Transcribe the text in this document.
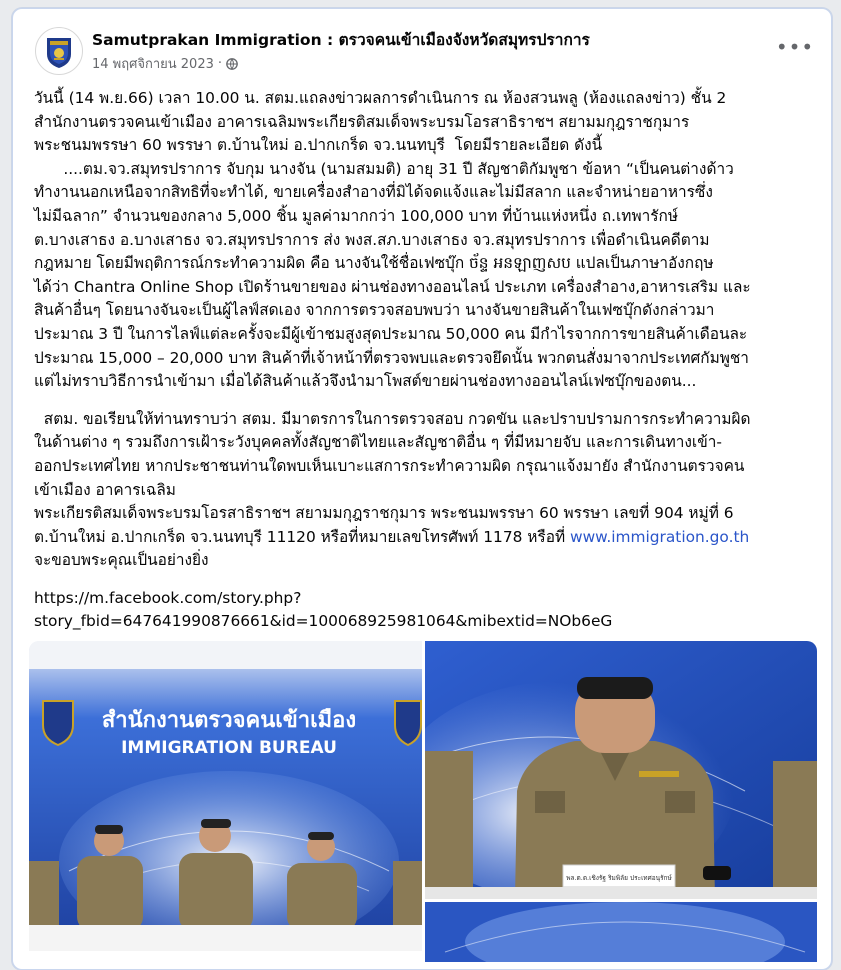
Samutprakan Immigration : ตรวจคนเข้าเมืองจังหวัดสมุทรปราการ
14 พฤศจิกายน 2023 ·
•••

วันนี้ (14 พ.ย.66) เวลา 10.00 น. สตม.แถลงข่าวผลการดำเนินการ ณ ห้องสวนพลู (ห้องแถลงข่าว) ชั้น 2
สำนักงานตรวจคนเข้าเมือง อาคารเฉลิมพระเกียรติสมเด็จพระบรมโอรสาธิราชฯ สยามมกุฎราชกุมาร
พระชนมพรรษา 60 พรรษา ต.บ้านใหม่ อ.ปากเกร็ด จว.นนทบุรี  โดยมีรายละเอียด ดังนี้
....ตม.จว.สมุทรปราการ จับกุม นางจัน (นามสมมติ) อายุ 31 ปี สัญชาติกัมพูชา ข้อหา “เป็นคนต่างด้าว
ทำงานนอกเหนือจากสิทธิที่จะทำได้, ขายเครื่องสำอางที่มิได้จดแจ้งและไม่มีสลาก และจำหน่ายอาหารซึ่ง
ไม่มีฉลาก” จำนวนของกลาง 5,000 ชิ้น มูลค่ามากกว่า 100,000 บาท ที่บ้านแห่งหนึ่ง ถ.เทพารักษ์
ต.บางเสาธง อ.บางเสาธง จว.สมุทรปราการ ส่ง พงส.สภ.บางเสาธง จว.สมุทรปราการ เพื่อดำเนินคดีตาม
กฎหมาย โดยมีพฤติการณ์กระทำความผิด คือ นางจันใช้ชื่อเฟซบุ๊ก ច័ន្ទ អនឡាញសប แปลเป็นภาษาอังกฤษ
ได้ว่า Chantra Online Shop เปิดร้านขายของ ผ่านช่องทางออนไลน์ ประเภท เครื่องสำอาง,อาหารเสริม และ
สินค้าอื่นๆ โดยนางจันจะเป็นผู้ไลฟ์สดเอง จากการตรวจสอบพบว่า นางจันขายสินค้าในเฟซบุ๊กดังกล่าวมา
ประมาณ 3 ปี ในการไลฟ์แต่ละครั้งจะมีผู้เข้าชมสูงสุดประมาณ 50,000 คน มีกำไรจากการขายสินค้าเดือนละ
ประมาณ 15,000 – 20,000 บาท สินค้าที่เจ้าหน้าที่ตรวจพบและตรวจยึดนั้น พวกตนสั่งมาจากประเทศกัมพูชา
แต่ไม่ทราบวิธีการนำเข้ามา เมื่อได้สินค้าแล้วจึงนำมาโพสต์ขายผ่านช่องทางออนไลน์เฟซบุ๊กของตน...

สตม. ขอเรียนให้ท่านทราบว่า สตม. มีมาตรการในการตรวจสอบ กวดขัน และปราบปรามการกระทำความผิด
ในด้านต่าง ๆ รวมถึงการเฝ้าระวังบุคคลทั้งสัญชาติไทยและสัญชาติอื่น ๆ ที่มีหมายจับ และการเดินทางเข้า-
ออกประเทศไทย หากประชาชนท่านใดพบเห็นเบาะแสการกระทำความผิด กรุณาแจ้งมายัง สำนักงานตรวจคน
เข้าเมือง อาคารเฉลิม
พระเกียรติสมเด็จพระบรมโอรสาธิราชฯ สยามมกุฎราชกุมาร พระชนมพรรษา 60 พรรษา เลขที่ 904 หมู่ที่ 6
ต.บ้านใหม่ อ.ปากเกร็ด จว.นนทบุรี 11120 หรือที่หมายเลขโทรศัพท์ 1178 หรือที่ www.immigration.go.th
จะขอบพระคุณเป็นอย่างยิ่ง

https://m.facebook.com/story.php?
story_fbid=647641990876661&id=100068925981064&mibextid=NOb6eG

สำนักงานตรวจคนเข้าเมือง
IMMIGRATION BUREAU
พล.ต.ต.เชิงรัฐ ริมพิลัย ประเทศอนุรักษ์
